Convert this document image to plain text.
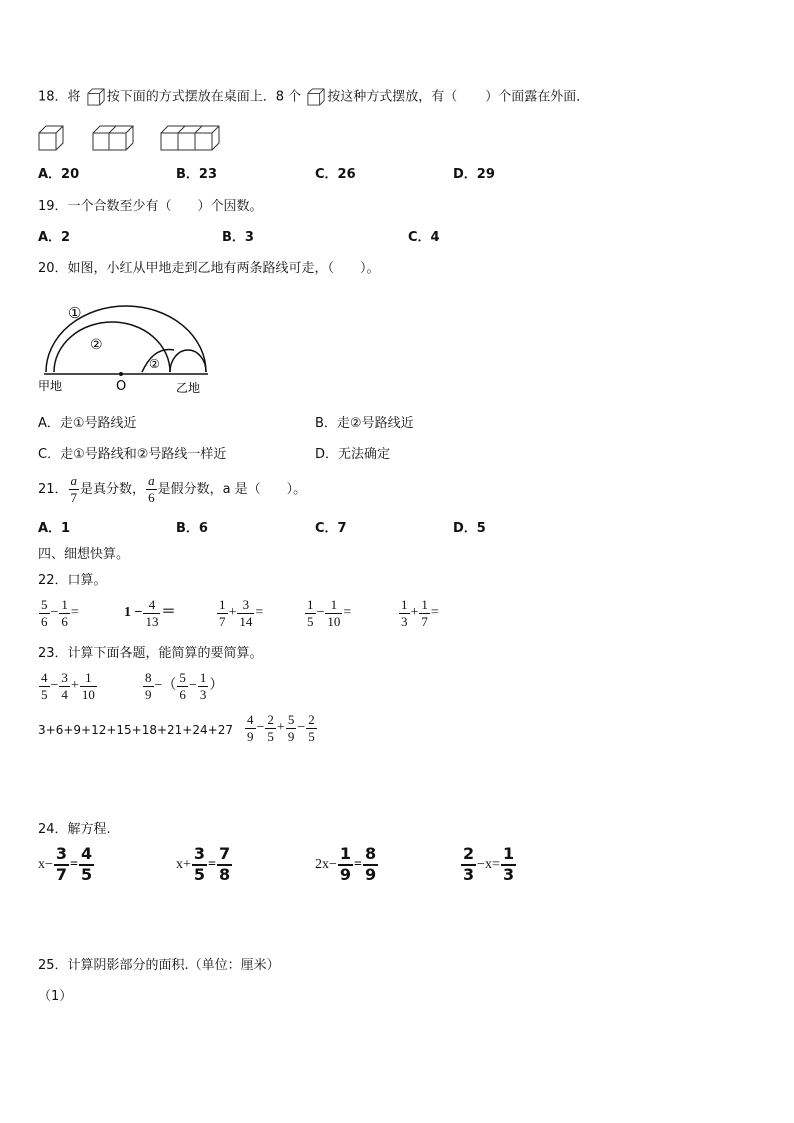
18．将 按下面的方式摆放在桌面上．8 个 按这种方式摆放，有（ ）个面露在外面．
A．20	B．23	C．26	D．29
19．一个合数至少有（　　）个因数。
A．2	B．3	C．4
20．如图，小红从甲地走到乙地有两条路线可走，（　　）。
①
②
②
甲地	O	乙地
A．走①号路线近	B．走②号路线近
C．走①号路线和②号路线一样近	D．无法确定
21． $\frac{a}{7}$ 是真分数， $\frac{a}{6}$ 是假分数，a 是（　　）。
A．1	B．6	C．7	D．5
四、细想快算。
22．口算。
$\frac{5}{6} - \frac{1}{6}$ =	$1 - \frac{4}{13}$ ＝	$\frac{1}{7} + \frac{3}{14}$ =	$\frac{1}{5} - \frac{1}{10}$ =	$\frac{1}{3} + \frac{1}{7}$ =
23．计算下面各题，能简算的要简算。
$\frac{4}{5} - \frac{3}{4} + \frac{1}{10}$	$\frac{8}{9}$ −（ $\frac{5}{6} - \frac{1}{3}$ ）
$3+6+9+12+15+18+21+24+27 \frac{4}{9} - \frac{2}{5} + \frac{5}{9} - \frac{2}{5}$
24．解方程.
$x- \frac{3}{7} = \frac{4}{5}$	$x+ \frac{3}{5} = \frac{7}{8}$	$2x- \frac{1}{9} = \frac{8}{9}$	$\frac{2}{3} -x= \frac{1}{3}$
25．计算阴影部分的面积.（单位：厘米）
（1）
